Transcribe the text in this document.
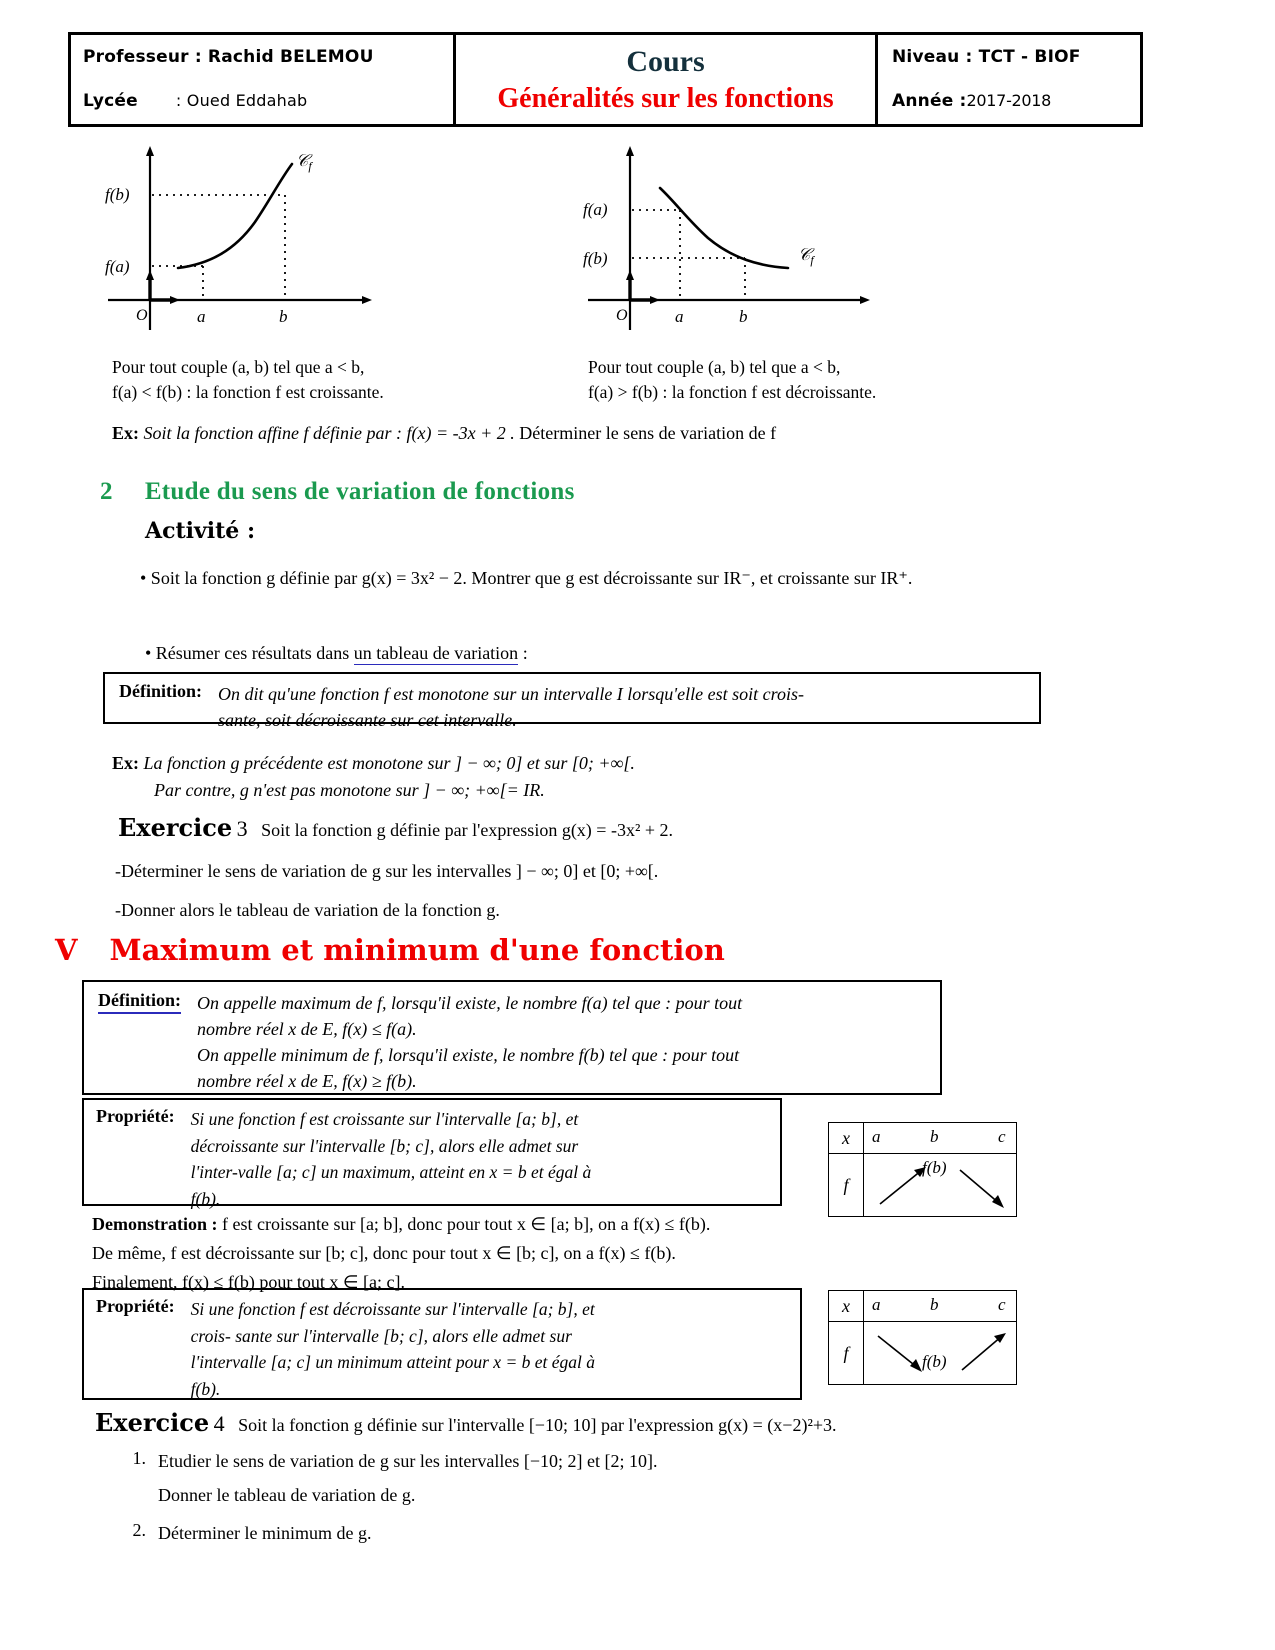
Professeur : Rachid BELEMOU
Lycée : Oued Eddahab
Cours
Généralités sur les fonctions
Niveau : TCT - BIOF
Année :2017-2018
f(b)
f(a)
O	a	b
𝒞$_f$
f(a)
f(b)
O	a	b
𝒞$_f$
Pour tout couple (a, b) tel que a < b,
f(a) < f(b) : la fonction f est croissante.
Pour tout couple (a, b) tel que a < b,
f(a) > f(b) : la fonction f est décroissante.
Ex: Soit la fonction affine f définie par : f(x) = -3x + 2 . Déterminer le sens de variation de f
2 Etude du sens de variation de fonctions
Activité :
• Soit la fonction g définie par g(x) = 3x² − 2. Montrer que g est décroissante sur IR⁻, et croissante sur IR⁺.
• Résumer ces résultats dans un tableau de variation :
Définition: On dit qu'une fonction f est monotone sur un intervalle I lorsqu'elle est soit crois-
sante, soit décroissante sur cet intervalle.
Ex: La fonction g précédente est monotone sur ] − ∞; 0] et sur [0; +∞[.
Par contre, g n'est pas monotone sur ] − ∞; +∞[= IR.
Exercice 3 Soit la fonction g définie par l'expression g(x) = -3x² + 2.
-Déterminer le sens de variation de g sur les intervalles ] − ∞; 0] et [0; +∞[.
-Donner alors le tableau de variation de la fonction g.
V Maximum et minimum d'une fonction
Définition: On appelle maximum de f, lorsqu'il existe, le nombre f(a) tel que : pour tout
nombre réel x de E, f(x) ≤ f(a).
On appelle minimum de f, lorsqu'il existe, le nombre f(b) tel que : pour tout
nombre réel x de E, f(x) ≥ f(b).
Propriété: Si une fonction f est croissante sur l'intervalle [a; b], et
décroissante sur l'intervalle [b; c], alors elle admet sur
l'inter-valle [a; c] un maximum, atteint en x = b et égal à
f(b).
x	a b c

f	f(b)
Demonstration : f est croissante sur [a; b], donc pour tout x ∈ [a; b], on a f(x) ≤ f(b).
De même, f est décroissante sur [b; c], donc pour tout x ∈ [b; c], on a f(x) ≤ f(b).
Finalement, f(x) ≤ f(b) pour tout x ∈ [a; c].
Propriété: Si une fonction f est décroissante sur l'intervalle [a; b], et
crois- sante sur l'intervalle [b; c], alors elle admet sur
l'intervalle [a; c] un minimum atteint pour x = b et égal à
f(b).
x	a b c

f	f(b)
Exercice 4 Soit la fonction g définie sur l'intervalle [−10; 10] par l'expression g(x) = (x−2)²+3.
1. Etudier le sens de variation de g sur les intervalles [−10; 2] et [2; 10].
Donner le tableau de variation de g.
2. Déterminer le minimum de g.
